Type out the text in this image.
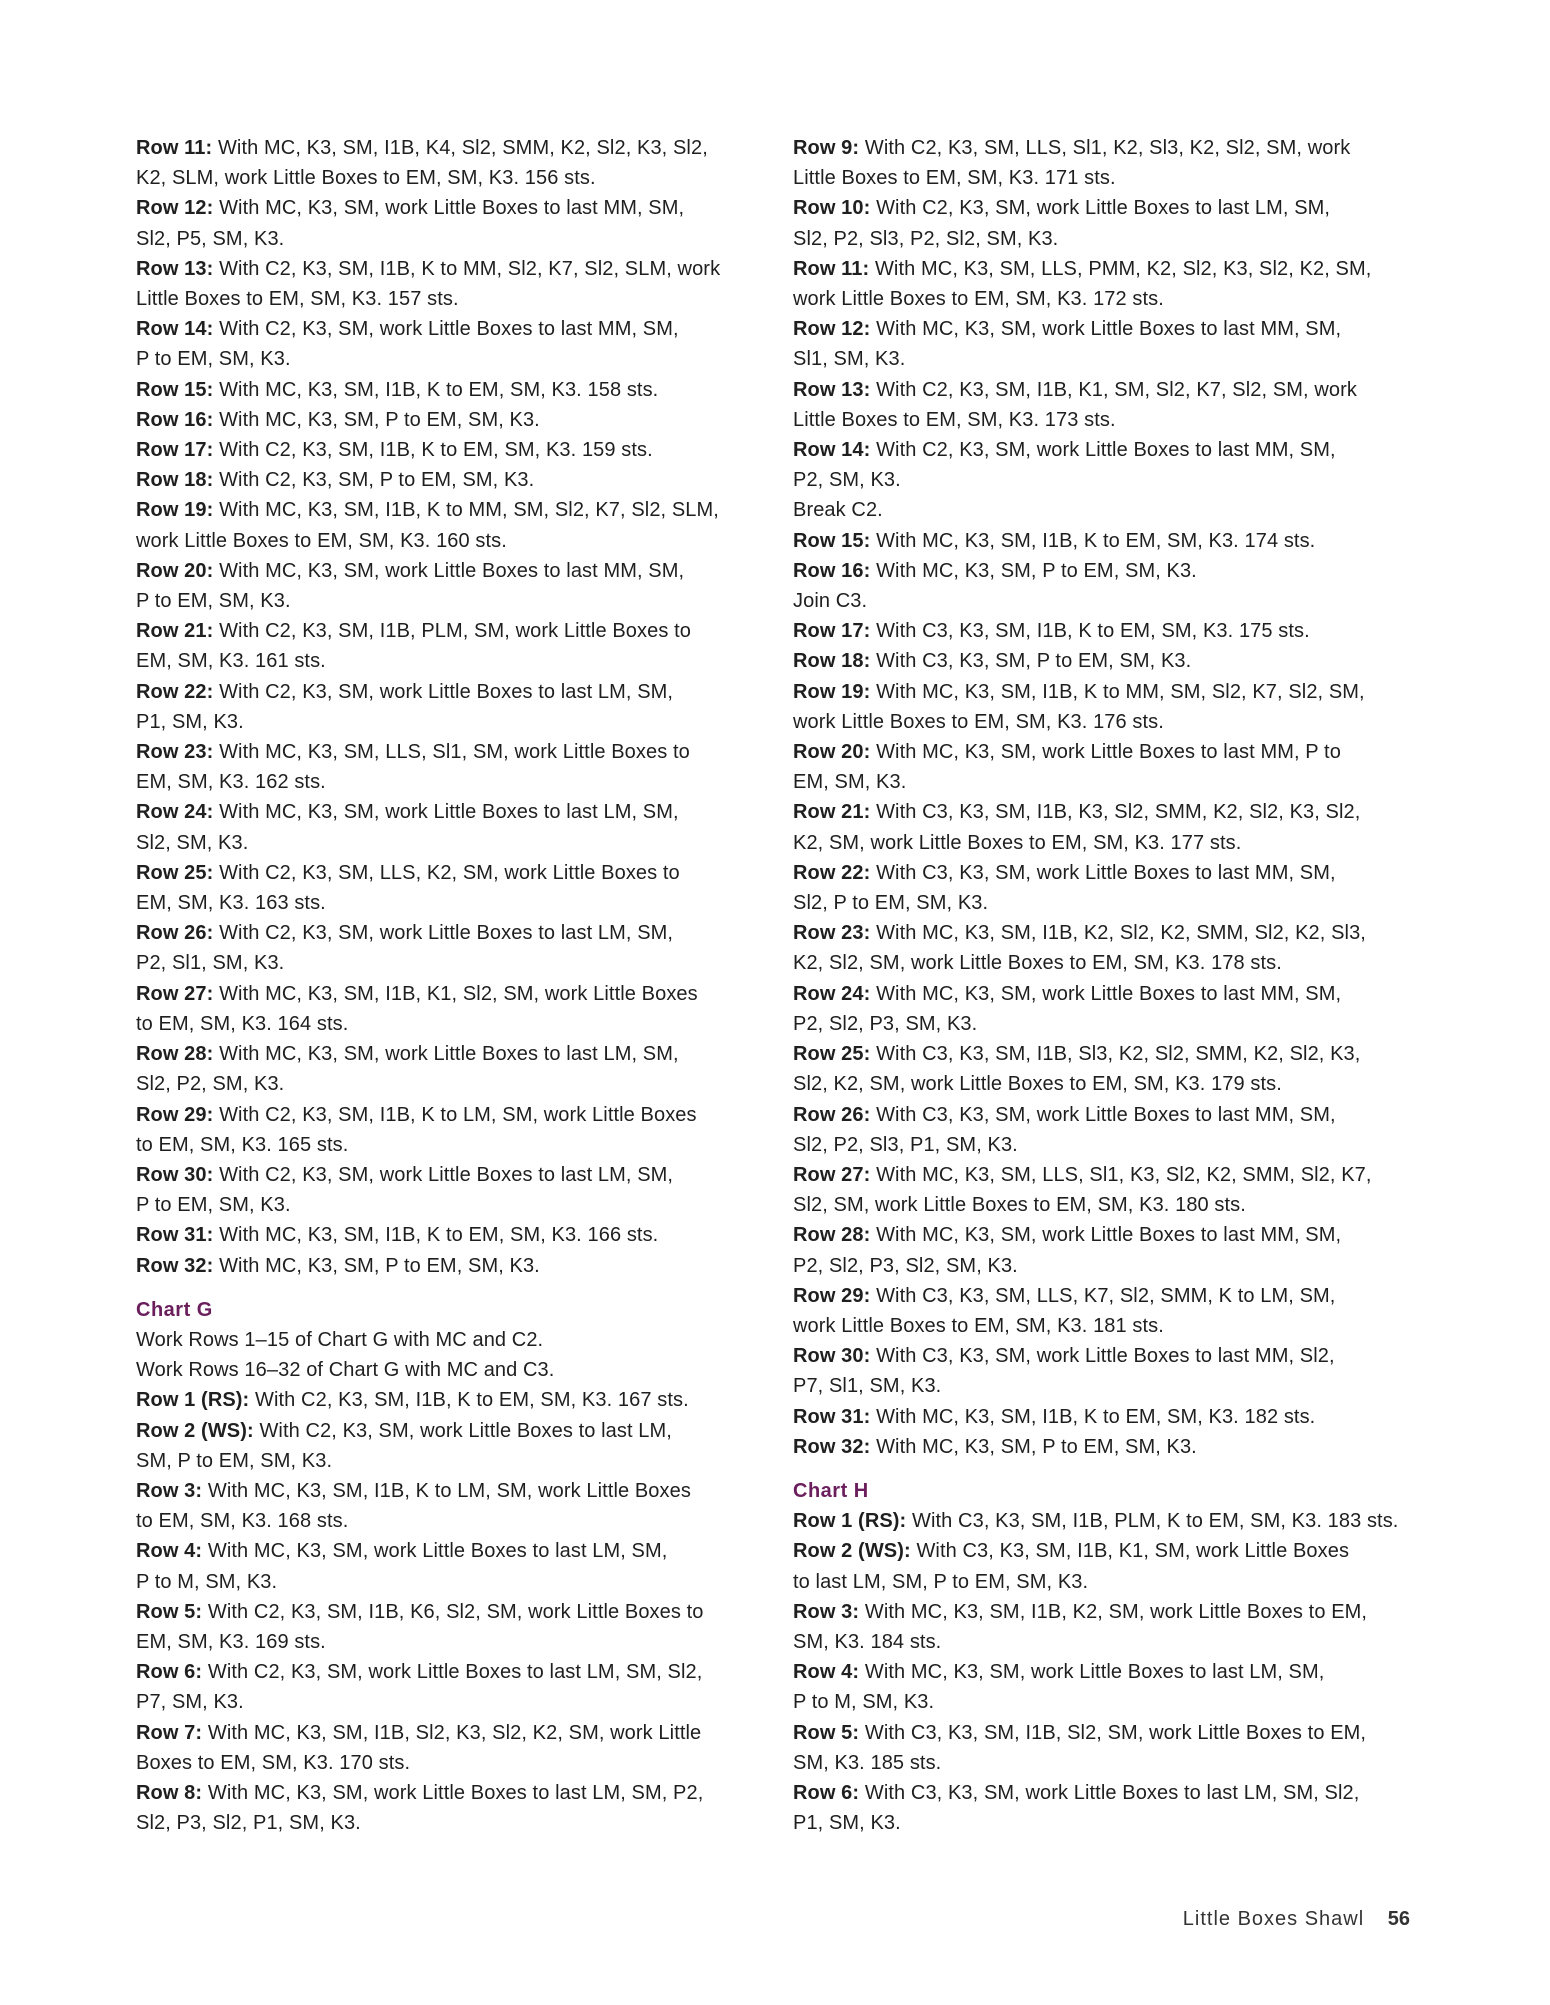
Row 11: With MC, K3, SM, I1B, K4, Sl2, SMM, K2, Sl2, K3, Sl2,
K2, SLM, work Little Boxes to EM, SM, K3. 156 sts.
Row 12: With MC, K3, SM, work Little Boxes to last MM, SM,
Sl2, P5, SM, K3.
Row 13: With C2, K3, SM, I1B, K to MM, Sl2, K7, Sl2, SLM, work
Little Boxes to EM, SM, K3. 157 sts.
Row 14: With C2, K3, SM, work Little Boxes to last MM, SM,
P to EM, SM, K3.
Row 15: With MC, K3, SM, I1B, K to EM, SM, K3. 158 sts.
Row 16: With MC, K3, SM, P to EM, SM, K3.
Row 17: With C2, K3, SM, I1B, K to EM, SM, K3. 159 sts.
Row 18: With C2, K3, SM, P to EM, SM, K3.
Row 19: With MC, K3, SM, I1B, K to MM, SM, Sl2, K7, Sl2, SLM,
work Little Boxes to EM, SM, K3. 160 sts.
Row 20: With MC, K3, SM, work Little Boxes to last MM, SM,
P to EM, SM, K3.
Row 21: With C2, K3, SM, I1B, PLM, SM, work Little Boxes to
EM, SM, K3. 161 sts.
Row 22: With C2, K3, SM, work Little Boxes to last LM, SM,
P1, SM, K3.
Row 23: With MC, K3, SM, LLS, Sl1, SM, work Little Boxes to
EM, SM, K3. 162 sts.
Row 24: With MC, K3, SM, work Little Boxes to last LM, SM,
Sl2, SM, K3.
Row 25: With C2, K3, SM, LLS, K2, SM, work Little Boxes to
EM, SM, K3. 163 sts.
Row 26: With C2, K3, SM, work Little Boxes to last LM, SM,
P2, Sl1, SM, K3.
Row 27: With MC, K3, SM, I1B, K1, Sl2, SM, work Little Boxes
to EM, SM, K3. 164 sts.
Row 28: With MC, K3, SM, work Little Boxes to last LM, SM,
Sl2, P2, SM, K3.
Row 29: With C2, K3, SM, I1B, K to LM, SM, work Little Boxes
to EM, SM, K3. 165 sts.
Row 30: With C2, K3, SM, work Little Boxes to last LM, SM,
P to EM, SM, K3.
Row 31: With MC, K3, SM, I1B, K to EM, SM, K3. 166 sts.
Row 32: With MC, K3, SM, P to EM, SM, K3.
Chart G
Work Rows 1–15 of Chart G with MC and C2.
Work Rows 16–32 of Chart G with MC and C3.
Row 1 (RS): With C2, K3, SM, I1B, K to EM, SM, K3. 167 sts.
Row 2 (WS): With C2, K3, SM, work Little Boxes to last LM,
SM, P to EM, SM, K3.
Row 3: With MC, K3, SM, I1B, K to LM, SM, work Little Boxes
to EM, SM, K3. 168 sts.
Row 4: With MC, K3, SM, work Little Boxes to last LM, SM,
P to M, SM, K3.
Row 5: With C2, K3, SM, I1B, K6, Sl2, SM, work Little Boxes to
EM, SM, K3. 169 sts.
Row 6: With C2, K3, SM, work Little Boxes to last LM, SM, Sl2,
P7, SM, K3.
Row 7: With MC, K3, SM, I1B, Sl2, K3, Sl2, K2, SM, work Little
Boxes to EM, SM, K3. 170 sts.
Row 8: With MC, K3, SM, work Little Boxes to last LM, SM, P2,
Sl2, P3, Sl2, P1, SM, K3.
Row 9: With C2, K3, SM, LLS, Sl1, K2, Sl3, K2, Sl2, SM, work
Little Boxes to EM, SM, K3. 171 sts.
Row 10: With C2, K3, SM, work Little Boxes to last LM, SM,
Sl2, P2, Sl3, P2, Sl2, SM, K3.
Row 11: With MC, K3, SM, LLS, PMM, K2, Sl2, K3, Sl2, K2, SM,
work Little Boxes to EM, SM, K3. 172 sts.
Row 12: With MC, K3, SM, work Little Boxes to last MM, SM,
Sl1, SM, K3.
Row 13: With C2, K3, SM, I1B, K1, SM, Sl2, K7, Sl2, SM, work
Little Boxes to EM, SM, K3. 173 sts.
Row 14: With C2, K3, SM, work Little Boxes to last MM, SM,
P2, SM, K3.
Break C2.
Row 15: With MC, K3, SM, I1B, K to EM, SM, K3. 174 sts.
Row 16: With MC, K3, SM, P to EM, SM, K3.
Join C3.
Row 17: With C3, K3, SM, I1B, K to EM, SM, K3. 175 sts.
Row 18: With C3, K3, SM, P to EM, SM, K3.
Row 19: With MC, K3, SM, I1B, K to MM, SM, Sl2, K7, Sl2, SM,
work Little Boxes to EM, SM, K3. 176 sts.
Row 20: With MC, K3, SM, work Little Boxes to last MM, P to
EM, SM, K3.
Row 21: With C3, K3, SM, I1B, K3, Sl2, SMM, K2, Sl2, K3, Sl2,
K2, SM, work Little Boxes to EM, SM, K3. 177 sts.
Row 22: With C3, K3, SM, work Little Boxes to last MM, SM,
Sl2, P to EM, SM, K3.
Row 23: With MC, K3, SM, I1B, K2, Sl2, K2, SMM, Sl2, K2, Sl3,
K2, Sl2, SM, work Little Boxes to EM, SM, K3. 178 sts.
Row 24: With MC, K3, SM, work Little Boxes to last MM, SM,
P2, Sl2, P3, SM, K3.
Row 25: With C3, K3, SM, I1B, Sl3, K2, Sl2, SMM, K2, Sl2, K3,
Sl2, K2, SM, work Little Boxes to EM, SM, K3. 179 sts.
Row 26: With C3, K3, SM, work Little Boxes to last MM, SM,
Sl2, P2, Sl3, P1, SM, K3.
Row 27: With MC, K3, SM, LLS, Sl1, K3, Sl2, K2, SMM, Sl2, K7,
Sl2, SM, work Little Boxes to EM, SM, K3. 180 sts.
Row 28: With MC, K3, SM, work Little Boxes to last MM, SM,
P2, Sl2, P3, Sl2, SM, K3.
Row 29: With C3, K3, SM, LLS, K7, Sl2, SMM, K to LM, SM,
work Little Boxes to EM, SM, K3. 181 sts.
Row 30: With C3, K3, SM, work Little Boxes to last MM, Sl2,
P7, Sl1, SM, K3.
Row 31: With MC, K3, SM, I1B, K to EM, SM, K3. 182 sts.
Row 32: With MC, K3, SM, P to EM, SM, K3.
Chart H
Row 1 (RS): With C3, K3, SM, I1B, PLM, K to EM, SM, K3. 183 sts.
Row 2 (WS): With C3, K3, SM, I1B, K1, SM, work Little Boxes
to last LM, SM, P to EM, SM, K3.
Row 3: With MC, K3, SM, I1B, K2, SM, work Little Boxes to EM,
SM, K3. 184 sts.
Row 4: With MC, K3, SM, work Little Boxes to last LM, SM,
P to M, SM, K3.
Row 5: With C3, K3, SM, I1B, Sl2, SM, work Little Boxes to EM,
SM, K3. 185 sts.
Row 6: With C3, K3, SM, work Little Boxes to last LM, SM, Sl2,
P1, SM, K3.
Little Boxes Shawl 56
